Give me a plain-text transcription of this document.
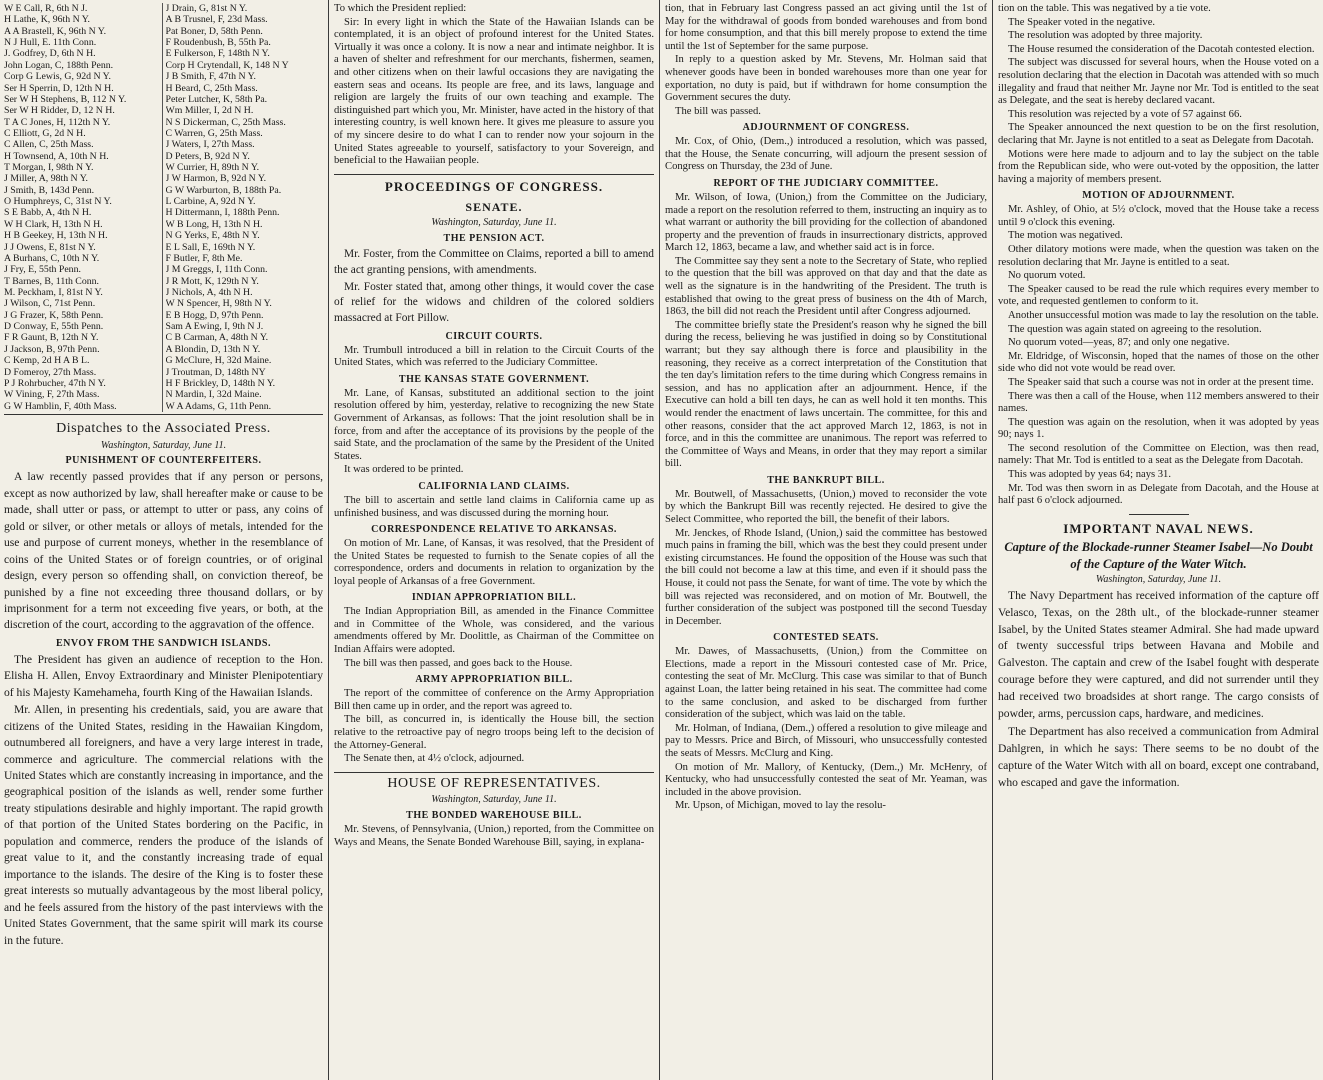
W E Call, R, 6th N J.
H Lathe, K, 96th N Y.
A A Brastell, K, 96th N Y.
N J Hull, E. 11th Conn.
J. Godfrey, D, 6th N H.
John Logan, C, 188th Penn.
Corp G Lewis, G, 92d N Y.
Ser H Sperrin, D, 12th N H.
Ser W H Stephens, B, 112 N Y.
Ser W H Ridder, D, 12 N H.
T A C Jones, H, 112th N Y.
C Elliott, G, 2d N H.
C Allen, C, 25th Mass.
H Townsend, A, 10th N H.
T Morgan, I, 98th N Y.
J Miller, A, 98th N Y.
J Smith, B, 143d Penn.
O Humphreys, C, 31st N Y.
S E Babb, A, 4th N H.
W H Clark, H, 13th N H.
H B Geekey, H, 13th N H.
J J Owens, E, 81st N Y.
A Burhans, C, 10th N Y.
J Fry, E, 55th Penn.
T Barnes, B, 11th Conn.
M. Peckham, I, 81st N Y.
J Wilson, C, 71st Penn.
J G Frazer, K, 58th Penn.
D Conway, E, 55th Penn.
F R Gaunt, B, 12th N Y.
J Jackson, B, 97th Penn.
C Kemp, 2d H A B L.
D Fomeroy, 27th Mass.
P J Rohrbucher, 47th N Y.
W Vining, F, 27th Mass.
G W Hamblin, F, 40th Mass.
J Drain, G, 81st N Y.
A B Trusnel, F, 23d Mass.
Pat Boner, D, 58th Penn.
F Roudenbush, B, 55th Pa.
E Fulkerson, F, 148th N Y.
Corp H Crytendall, K, 148 N Y
J B Smith, F, 47th N Y.
H Beard, C, 25th Mass.
Peter Lutcher, K, 58th Pa.
Wm Miller, I, 2d N H.
N S Dickerman, C, 25th Mass.
C Warren, G, 25th Mass.
J Waters, I, 27th Mass.
D Peters, B, 92d N Y.
W Currier, H, 89th N Y.
J W Harmon, B, 92d N Y.
G W Warburton, B, 188th Pa.
L Carbine, A, 92d N Y.
H Dittermann, I, 188th Penn.
W B Long, H, 13th N H.
N G Yerks, E, 48th N Y.
E L Sall, E, 169th N Y.
F Butler, F, 8th Me.
J M Greggs, I, 11th Conn.
J R Mott, K, 129th N Y.
J Nichols, A, 4th N H.
W N Spencer, H, 98th N Y.
E B Hogg, D, 97th Penn.
Sam A Ewing, I, 9th N J.
C B Carman, A, 48th N Y.
A Blondin, D, 13th N Y.
G McClure, H, 32d Maine.
J Troutman, D, 148th NY
H F Brickley, D, 148th N Y.
N Mardin, I, 32d Maine.
W A Adams, G, 11th Penn.
Dispatches to the Associated Press.
Washington, Saturday, June 11.
PUNISHMENT OF COUNTERFEITERS.

A law recently passed provides that if any person or persons, except as now authorized by law, shall hereafter make or cause to be made, shall utter or pass, or attempt to utter or pass, any coins of gold or silver, or other metals or alloys of metals, intended for the use and purpose of current moneys, whether in the resemblance of coins of the United States or of foreign countries, or of original design, every person so offending shall, on conviction thereof, be punished by a fine not exceeding three thousand dollars, or by imprisonment for a term not exceeding five years, or both, at the discretion of the court, according to the aggravation of the offence.

ENVOY FROM THE SANDWICH ISLANDS.

The President has given an audience of reception to the Hon. Elisha H. Allen, Envoy Extraordinary and Minister Plenipotentiary of his Majesty Kamehameha, fourth King of the Hawaiian Islands.

Mr. Allen, in presenting his credentials, said, you are aware that citizens of the United States, residing in the Hawaiian Kingdom, outnumbered all foreigners, and have a very large interest in trade, commerce and agriculture. The commercial relations with the United States which are constantly increasing in importance, and the geographical position of the islands as well, render some further treaty stipulations desirable and highly important. The rapid growth of that portion of the United States bordering on the Pacific, in population and commerce, renders the produce of the islands of great value to it, and the constantly increasing trade of equal importance to the islands. The desire of the King is to foster these great interests so mutually advantageous by the most liberal policy, and he feels assured from the history of the past interviews with the United States Government, that the same spirit will mark its course in the future.

To which the President replied:

Sir: In every light in which the State of the Hawaiian Islands can be contemplated, it is an object of profound interest for the United States. Virtually it was once a colony. It is now a near and intimate neighbor. It is a haven of shelter and refreshment for our merchants, fishermen, seamen, and other citizens when on their lawful occasions they are navigating the eastern seas and oceans. Its people are free, and its laws, language and religion are largely the fruits of our own teaching and example. The distinguished part which you, Mr. Minister, have acted in the history of that interesting country, is well known here. It gives me pleasure to assure you of my sincere desire to do what I can to render now your sojourn in the United States agreeable to yourself, satisfactory to your Sovereign, and beneficial to the Hawaiian people.

PROCEEDINGS OF CONGRESS.
SENATE.
Washington, Saturday, June 11.
THE PENSION ACT.

Mr. Foster, from the Committee on Claims, reported a bill to amend the act granting pensions, with amendments.

Mr. Foster stated that, among other things, it would cover the case of relief for the widows and children of the colored soldiers massacred at Fort Pillow.

CIRCUIT COURTS.

Mr. Trumbull introduced a bill in relation to the Circuit Courts of the United States, which was referred to the Judiciary Committee.

THE KANSAS STATE GOVERNMENT.

Mr. Lane, of Kansas, substituted an additional section to the joint resolution offered by him, yesterday, relative to recognizing the new State Government of Arkansas, as follows: That the joint resolution shall be in force, from and after the acceptance of its provisions by the people of the said State, and the proclamation of the same by the President of the United States.

It was ordered to be printed.

CALIFORNIA LAND CLAIMS.

The bill to ascertain and settle land claims in California came up as unfinished business, and was discussed during the morning hour.

CORRESPONDENCE RELATIVE TO ARKANSAS.

On motion of Mr. Lane, of Kansas, it was resolved, that the President of the United States be requested to furnish to the Senate copies of all the correspondence, orders and documents in relation to organization by the loyal people of Arkansas of a free Government.

INDIAN APPROPRIATION BILL.

The Indian Appropriation Bill, as amended in the Finance Committee and in Committee of the Whole, was considered, and the various amendments offered by Mr. Doolittle, as Chairman of the Committee on Indian Affairs were adopted.

The bill was then passed, and goes back to the House.

ARMY APPROPRIATION BILL.

The report of the committee of conference on the Army Appropriation Bill then came up in order, and the report was agreed to.

The bill, as concurred in, is identically the House bill, the section relative to the retroactive pay of negro troops being left to the decision of the Attorney-General.

The Senate then, at 4½ o'clock, adjourned.

HOUSE OF REPRESENTATIVES.
Washington, Saturday, June 11.
THE BONDED WAREHOUSE BILL.

Mr. Stevens, of Pennsylvania, (Union,) reported, from the Committee on Ways and Means, the Senate Bonded Warehouse Bill, saying, in explana-

tion, that in February last Congress passed an act giving until the 1st of May for the withdrawal of goods from bonded warehouses and from bond for home consumption, and that this bill merely propose to extend the time until the 1st of September for the same purpose.

In reply to a question asked by Mr. Stevens, Mr. Holman said that whenever goods have been in bonded warehouses more than one year for exportation, no duty is paid, but if withdrawn for home consumption the Government secures the duty.

The bill was passed.

ADJOURNMENT OF CONGRESS.

Mr. Cox, of Ohio, (Dem.,) introduced a resolution, which was passed, that the House, the Senate concurring, will adjourn the present session of Congress on Thursday, the 23d of June.

REPORT OF THE JUDICIARY COMMITTEE.

Mr. Wilson, of Iowa, (Union,) from the Committee on the Judiciary, made a report on the resolution referred to them, instructing an inquiry as to what warrant or authority the bill providing for the collection of abandoned property and the prevention of frauds in insurrectionary districts, approved March 12, 1863, became a law, and whether said act is in force.

The Committee say they sent a note to the Secretary of State, who replied to the question that the bill was approved on that day and that the date as well as the signature is in the handwriting of the President. The truth is established that owing to the great press of business on the 4th of March, 1863, the bill did not reach the President until after Congress adjourned.

The committee briefly state the President's reason why he signed the bill during the recess, believing he was justified in doing so by Constitutional warrant; but they say although there is force and plausibility in the reasoning, they receive as a correct interpretation of the Constitution that the ten day's limitation refers to the time during which Congress remains in session, and has no application after an adjournment. Hence, if the Executive can hold a bill ten days, he can as well hold it ten months. This would render the enactment of laws uncertain. The committee, for this and other reasons, consider that the act approved March 12, 1863, is not in force, and in this the committee are unanimous. The report was referred to the Committee of Ways and Means, in order that they may report a similar bill.

THE BANKRUPT BILL.

Mr. Boutwell, of Massachusetts, (Union,) moved to reconsider the vote by which the Bankrupt Bill was recently rejected. He desired to give the Select Committee, who reported the bill, the benefit of their labors.

Mr. Jenckes, of Rhode Island, (Union,) said the committee has bestowed much pains in framing the bill, which was the best they could present under existing circumstances. He found the opposition of the House was such that the bill could not become a law at this time, and even if it should pass the House, it could not pass the Senate, for want of time. The vote by which the bill was rejected was reconsidered, and on motion of Mr. Boutwell, the further consideration of the subject was postponed till the second Tuesday in December.

CONTESTED SEATS.

Mr. Dawes, of Massachusetts, (Union,) from the Committee on Elections, made a report in the Missouri contested case of Mr. Price, contesting the seat of Mr. McClurg. This case was similar to that of Bunch against Loan, the latter being retained in his seat. The committee had come to the same conclusion, and asked to be discharged from further consideration of the subject, which was laid on the table.

Mr. Holman, of Indiana, (Dem.,) offered a resolution to give mileage and pay to Messrs. Price and Birch, of Missouri, who unsuccessfully contested the seats of Messrs. McClurg and King.

On motion of Mr. Mallory, of Kentucky, (Dem.,) Mr. McHenry, of Kentucky, who had unsuccessfully contested the seat of Mr. Yeaman, was included in the above provision.

Mr. Upson, of Michigan, moved to lay the resolu-

tion on the table. This was negatived by a tie vote.

The Speaker voted in the negative.

The resolution was adopted by three majority.

The House resumed the consideration of the Dacotah contested election.

The subject was discussed for several hours, when the House voted on a resolution declaring that the election in Dacotah was attended with so much illegality and fraud that neither Mr. Jayne nor Mr. Tod is entitled to the seat as Delegate, and the seat is hereby declared vacant.

This resolution was rejected by a vote of 57 against 66.

The Speaker announced the next question to be on the first resolution, declaring that Mr. Jayne is not entitled to a seat as Delegate from Dacotah.

Motions were here made to adjourn and to lay the subject on the table from the Republican side, who were out-voted by the opposition, the latter having a majority of members present.

MOTION OF ADJOURNMENT.

Mr. Ashley, of Ohio, at 5½ o'clock, moved that the House take a recess until 9 o'clock this evening.

The motion was negatived.

Other dilatory motions were made, when the question was taken on the resolution declaring that Mr. Jayne is entitled to a seat.

No quorum voted.

The Speaker caused to be read the rule which requires every member to vote, and requested gentlemen to conform to it.

Another unsuccessful motion was made to lay the resolution on the table.

The question was again stated on agreeing to the resolution.

No quorum voted—yeas, 87; and only one negative.

Mr. Eldridge, of Wisconsin, hoped that the names of those on the other side who did not vote would be read over.

The Speaker said that such a course was not in order at the present time.

There was then a call of the House, when 112 members answered to their names.

The question was again on the resolution, when it was adopted by yeas 90; nays 1.

The second resolution of the Committee on Election, was then read, namely: That Mr. Tod is entitled to a seat as the Delegate from Dacotah.

This was adopted by yeas 64; nays 31.

Mr. Tod was then sworn in as Delegate from Dacotah, and the House at half past 6 o'clock adjourned.

IMPORTANT NAVAL NEWS.
Capture of the Blockade-runner Steamer Isabel—No Doubt of the Capture of the Water Witch.
Washington, Saturday, June 11.

The Navy Department has received information of the capture off Velasco, Texas, on the 28th ult., of the blockade-runner steamer Isabel, by the United States steamer Admiral. She had made upward of twenty successful trips between Havana and Mobile and Galveston. The captain and crew of the Isabel fought with desperate courage before they were captured, and did not surrender until they had received two broadsides at short range. The cargo consists of powder, arms, percussion caps, hardware, and medicines.

The Department has also received a communication from Admiral Dahlgren, in which he says: There seems to be no doubt of the capture of the Water Witch with all on board, except one contraband, who escaped and gave the information.
